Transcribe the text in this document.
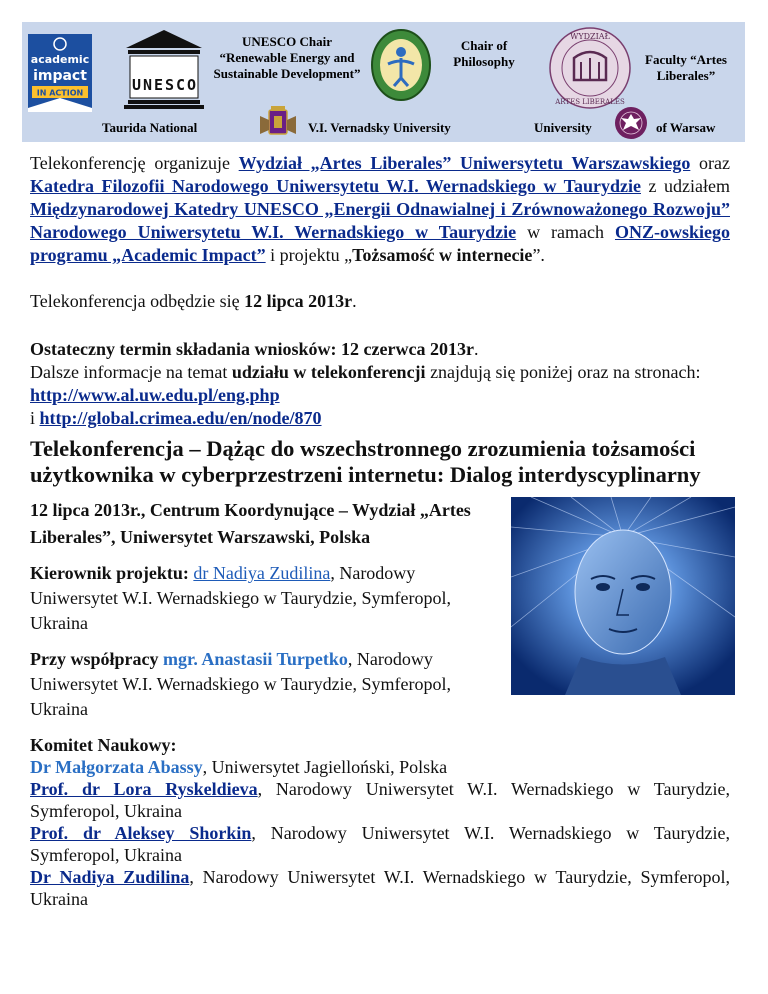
academic
impact
IN ACTION	UNESCO
UNESCO Chair “Renewable Energy and Sustainable Development”
Chair of Philosophy
WYDZIAŁ
ARTES LIBERALES
Faculty “Artes Liberales”
Taurida National	V.I. Vernadsky University	University	of Warsaw
Telekonferencję organizuje Wydział „Artes Liberales” Uniwersytetu Warszawskiego oraz Katedra Filozofii Narodowego Uniwersytetu W.I. Wernadskiego w Taurydzie z udziałem Międzynarodowej Katedry UNESCO „Energii Odnawialnej i Zrównoważonego Rozwoju” Narodowego Uniwersytetu W.I. Wernadskiego w Taurydzie w ramach ONZ-owskiego programu „Academic Impact” i projektu „Tożsamość w internecie”.
Telekonferencja odbędzie się 12 lipca 2013r.
Ostateczny termin składania wniosków: 12 czerwca 2013r.
Dalsze informacje na temat udziału w telekonferencji znajdują się poniżej oraz na stronach:
http://www.al.uw.edu.pl/eng.php
i http://global.crimea.edu/en/node/870
Telekonferencja – Dążąc do wszechstronnego zrozumienia tożsamości użytkownika w cyberprzestrzeni internetu: Dialog interdyscyplinarny
12 lipca 2013r., Centrum Koordynujące – Wydział „Artes Liberales”, Uniwersytet Warszawski, Polska
Kierownik projektu: dr Nadiya Zudilina, Narodowy Uniwersytet W.I. Wernadskiego w Taurydzie, Symferopol, Ukraina
Przy współpracy mgr. Anastasii Turpetko, Narodowy Uniwersytet W.I. Wernadskiego w Taurydzie, Symferopol, Ukraina
Komitet Naukowy:
Dr Małgorzata Abassy, Uniwersytet Jagielloński, Polska
Prof. dr Lora Ryskeldieva, Narodowy Uniwersytet W.I. Wernadskiego w Taurydzie, Symferopol, Ukraina
Prof. dr Aleksey Shorkin, Narodowy Uniwersytet W.I. Wernadskiego w Taurydzie, Symferopol, Ukraina
Dr Nadiya Zudilina, Narodowy Uniwersytet W.I. Wernadskiego w Taurydzie, Symferopol, Ukraina
